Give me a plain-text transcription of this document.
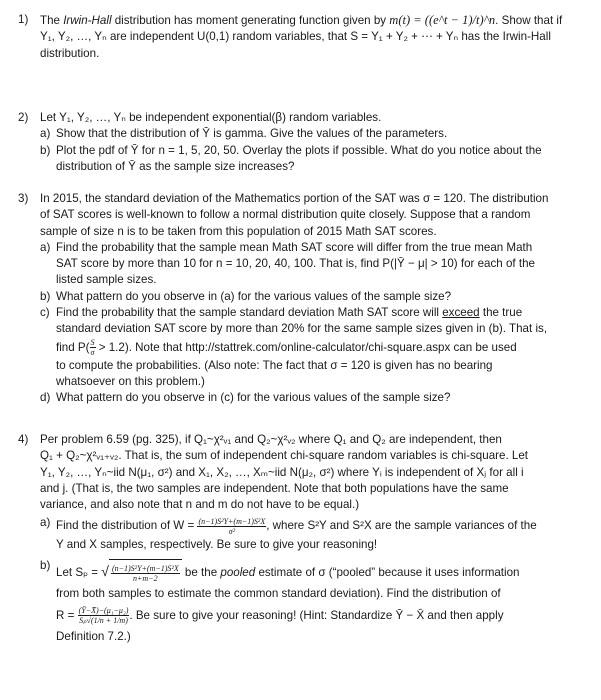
1)	The Irwin-Hall distribution has moment generating function given by m(t) = ((e^t − 1)/t)^n. Show that if

Y₁, Y₂, …, Yₙ are independent U(0,1) random variables, that S = Y₁ + Y₂ + ⋯ + Yₙ has the Irwin-Hall

distribution.

2)	Let Y₁, Y₂, …, Yₙ be independent exponential(β) random variables.

a) Show that the distribution of Ȳ is gamma. Give the values of the parameters.
b) Plot the pdf of Ȳ for n = 1, 5, 20, 50. Overlay the plots if possible. What do you notice about the
distribution of Ȳ as the sample size increases?
3)	In 2015, the standard deviation of the Mathematics portion of the SAT was σ = 120. The distribution

of SAT scores is well-known to follow a normal distribution quite closely. Suppose that a random

sample of size n is to be taken from this population of 2015 Math SAT scores.

a) Find the probability that the sample mean Math SAT score will differ from the true mean Math
SAT score by more than 10 for n = 10, 20, 40, 100. That is, find P(|Ȳ − μ| > 10) for each of the
listed sample sizes.
b) What pattern do you observe in (a) for the various values of the sample size?
c) Find the probability that the sample standard deviation Math SAT score will exceed the true
standard deviation SAT score by more than 20% for the same sample sizes given in (b). That is,
find $P( \frac{S}{\sigma} > 1.2)$. Note that http://stattrek.com/online-calculator/chi-square.aspx can be used
to compute the probabilities. (Also note: The fact that σ = 120 is given has no bearing
whatsoever on this problem.)
d) What pattern do you observe in (c) for the various values of the sample size?
4)	Per problem 6.59 (pg. 325), if Q₁~χ²ᵥ₁ and Q₂~χ²ᵥ₂ where Q₁ and Q₂ are independent, then

Q₁ + Q₂~χ²ᵥ₁₊ᵥ₂. That is, the sum of independent chi-square random variables is chi-square. Let

Y₁, Y₂, …, Yₙ~iid N(μ₁, σ²) and X₁, X₂, …, Xₘ~iid N(μ₂, σ²) where Yᵢ is independent of Xⱼ for all i

and j. (That is, the two samples are independent. Note that both populations have the same

variance, and also note that n and m do not have to be equal.)

a) Find the distribution of $W = \frac{\text{(n−1)S²Y+(m−1)S²X}}{\text{σ²}}$ , where S²Y and S²X are the sample variances of the
Y and X samples, respectively. Be sure to give your reasoning!
b)
Let Sₚ = √ $\frac{\text{(n−1)S²Y+(m−1)S²X}}{n+m-2}$ be the pooled estimate of σ (“pooled” because it uses information
from both samples to estimate the common standard deviation). Find the distribution of
$R = \frac{\text{(Ȳ−X̄)−(μ₁−μ₂)}}{\text{Sₚ√(1/n + 1/m)}}$ . Be sure to give your reasoning! (Hint: Standardize Ȳ − X̄ and then apply
Definition 7.2.)
